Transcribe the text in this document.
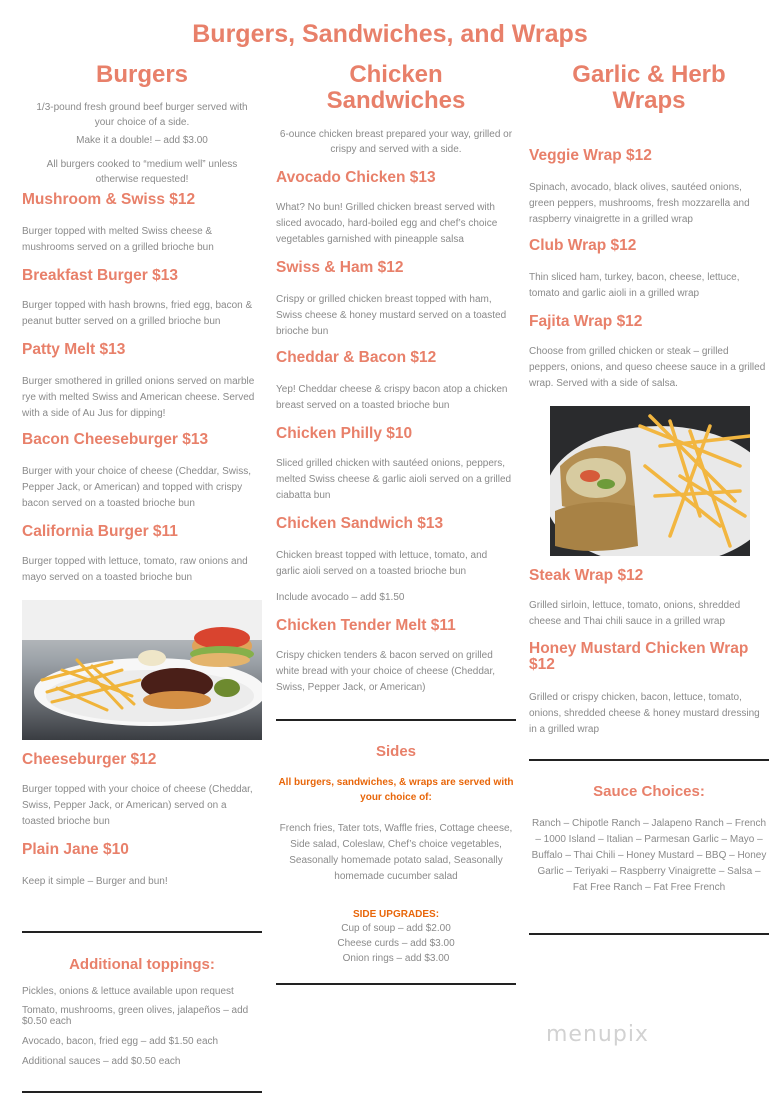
Burgers, Sandwiches, and Wraps
Burgers
1/3-pound fresh ground beef burger served with your choice of a side.
Make it a double! – add $3.00
All burgers cooked to “medium well” unless otherwise requested!
Mushroom & Swiss $12
Burger topped with melted Swiss cheese & mushrooms served on a grilled brioche bun
Breakfast Burger $13
Burger topped with hash browns, fried egg, bacon & peanut butter served on a grilled brioche bun
Patty Melt $13
Burger smothered in grilled onions served on marble rye with melted Swiss and American cheese. Served with a side of Au Jus for dipping!
Bacon Cheeseburger $13
Burger with your choice of cheese (Cheddar, Swiss, Pepper Jack, or American) and topped with crispy bacon served on a toasted brioche bun
California Burger $11
Burger topped with lettuce, tomato, raw onions and mayo served on a toasted brioche bun
Cheeseburger $12
Burger topped with your choice of cheese (Cheddar, Swiss, Pepper Jack, or American) served on a toasted brioche bun
Plain Jane $10
Keep it simple – Burger and bun!
Additional toppings:
Pickles, onions & lettuce available upon request
Tomato, mushrooms, green olives, jalapeños – add $0.50 each
Avocado, bacon, fried egg – add $1.50 each
Additional sauces – add $0.50 each
Chicken
Sandwiches
6-ounce chicken breast prepared your way, grilled or crispy and served with a side.
Avocado Chicken $13
What? No bun! Grilled chicken breast served with sliced avocado, hard-boiled egg and chef’s choice vegetables garnished with pineapple salsa
Swiss & Ham $12
Crispy or grilled chicken breast topped with ham, Swiss cheese & honey mustard served on a toasted brioche bun
Cheddar & Bacon $12
Yep! Cheddar cheese & crispy bacon atop a chicken breast served on a toasted brioche bun
Chicken Philly $10
Sliced grilled chicken with sautéed onions, peppers, melted Swiss cheese & garlic aioli served on a grilled ciabatta bun
Chicken Sandwich $13
Chicken breast topped with lettuce, tomato, and garlic aioli served on a toasted brioche bun
Include avocado – add $1.50
Chicken Tender Melt $11
Crispy chicken tenders & bacon served on grilled white bread with your choice of cheese (Cheddar, Swiss, Pepper Jack, or American)
Sides
All burgers, sandwiches, & wraps are served with your choice of:
French fries, Tater tots, Waffle fries, Cottage cheese, Side salad, Coleslaw, Chef’s choice vegetables, Seasonally homemade potato salad, Seasonally homemade cucumber salad
SIDE UPGRADES:
Cup of soup – add $2.00
Cheese curds – add $3.00
Onion rings – add $3.00
Garlic & Herb
Wraps
Veggie Wrap $12
Spinach, avocado, black olives, sautéed onions, green peppers, mushrooms, fresh mozzarella and raspberry vinaigrette in a grilled wrap
Club Wrap $12
Thin sliced ham, turkey, bacon, cheese, lettuce, tomato and garlic aioli in a grilled wrap
Fajita Wrap $12
Choose from grilled chicken or steak – grilled peppers, onions, and queso cheese sauce in a grilled wrap. Served with a side of salsa.
Steak Wrap $12
Grilled sirloin, lettuce, tomato, onions, shredded cheese and Thai chili sauce in a grilled wrap
Honey Mustard Chicken Wrap $12
Grilled or crispy chicken, bacon, lettuce, tomato, onions, shredded cheese & honey mustard dressing in a grilled wrap
Sauce Choices:
Ranch – Chipotle Ranch – Jalapeno Ranch – French – 1000 Island – Italian – Parmesan Garlic – Mayo – Buffalo – Thai Chili – Honey Mustard – BBQ – Honey Garlic – Teriyaki – Raspberry Vinaigrette – Salsa – Fat Free Ranch – Fat Free French
menupix
